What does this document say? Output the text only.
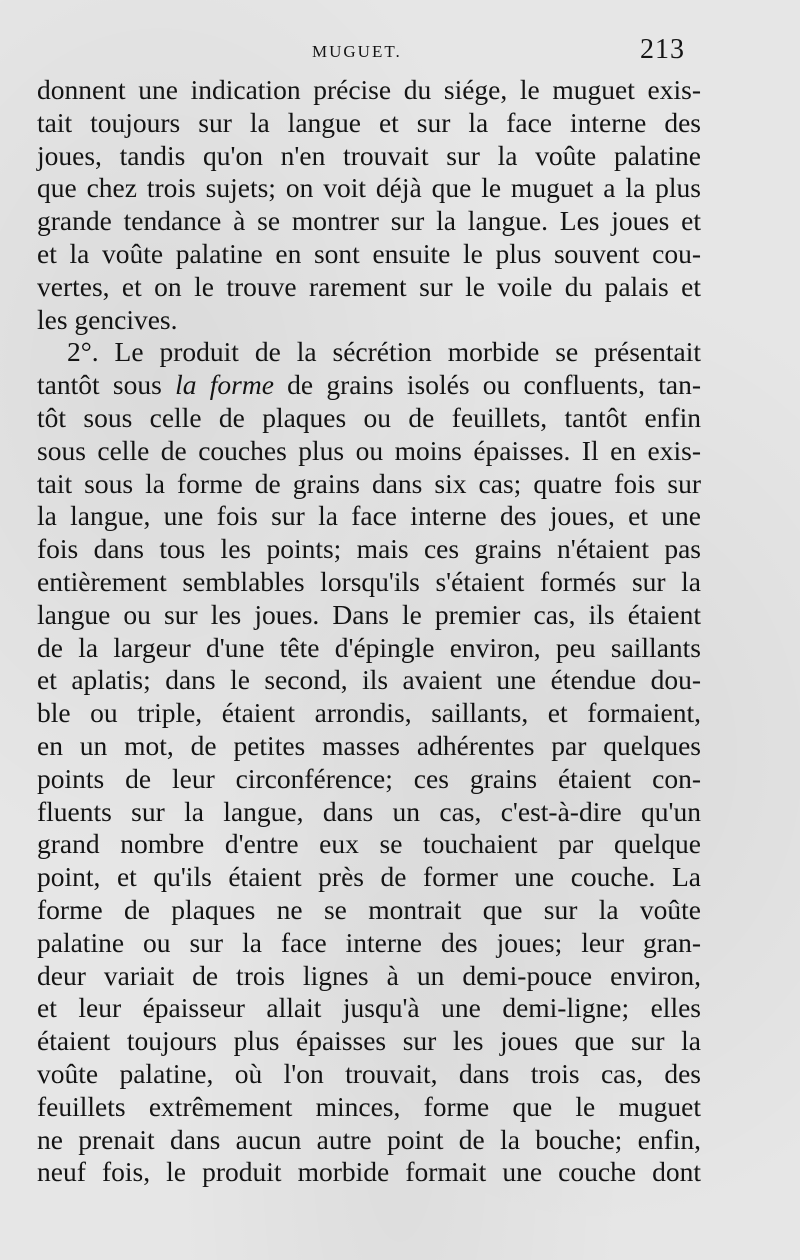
MUGUET.	213
donnent une indication précise du siége, le muguet exis-
tait toujours sur la langue et sur la face interne des
joues, tandis qu'on n'en trouvait sur la voûte palatine
que chez trois sujets; on voit déjà que le muguet a la plus
grande tendance à se montrer sur la langue. Les joues et
et la voûte palatine en sont ensuite le plus souvent cou-
vertes, et on le trouve rarement sur le voile du palais et
les gencives.
2°. Le produit de la sécrétion morbide se présentait
tantôt sous la forme de grains isolés ou confluents, tan-
tôt sous celle de plaques ou de feuillets, tantôt enfin
sous celle de couches plus ou moins épaisses. Il en exis-
tait sous la forme de grains dans six cas; quatre fois sur
la langue, une fois sur la face interne des joues, et une
fois dans tous les points; mais ces grains n'étaient pas
entièrement semblables lorsqu'ils s'étaient formés sur la
langue ou sur les joues. Dans le premier cas, ils étaient
de la largeur d'une tête d'épingle environ, peu saillants
et aplatis; dans le second, ils avaient une étendue dou-
ble ou triple, étaient arrondis, saillants, et formaient,
en un mot, de petites masses adhérentes par quelques
points de leur circonférence; ces grains étaient con-
fluents sur la langue, dans un cas, c'est-à-dire qu'un
grand nombre d'entre eux se touchaient par quelque
point, et qu'ils étaient près de former une couche. La
forme de plaques ne se montrait que sur la voûte
palatine ou sur la face interne des joues; leur gran-
deur variait de trois lignes à un demi-pouce environ,
et leur épaisseur allait jusqu'à une demi-ligne; elles
étaient toujours plus épaisses sur les joues que sur la
voûte palatine, où l'on trouvait, dans trois cas, des
feuillets extrêmement minces, forme que le muguet
ne prenait dans aucun autre point de la bouche; enfin,
neuf fois, le produit morbide formait une couche dont
